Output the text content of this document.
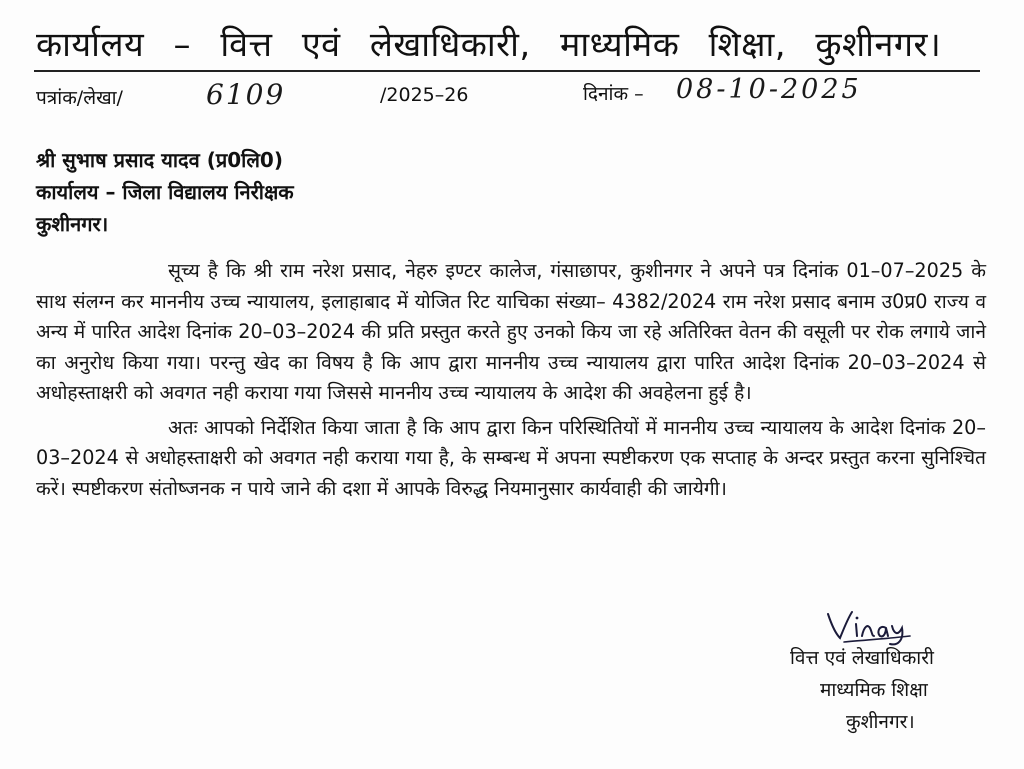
कार्यालय – वित्त एवं लेखाधिकारी, माध्यमिक शिक्षा, कुशीनगर।
पत्रांक/लेखा/	6109	/2025–26	दिनांक – 08-10-2025
श्री सुभाष प्रसाद यादव (प्र0लि0)
कार्यालय – जिला विद्यालय निरीक्षक
कुशीनगर।

सूच्य है कि श्री राम नरेश प्रसाद, नेहरु इण्टर कालेज, गंसाछापर, कुशीनगर ने अपने पत्र दिनांक 01–07–2025 के साथ संलग्न कर माननीय उच्च न्यायालय, इलाहाबाद में योजित रिट याचिका संख्या– 4382/2024 राम नरेश प्रसाद बनाम उ0प्र0 राज्य व अन्य में पारित आदेश दिनांक 20–03–2024 की प्रति प्रस्तुत करते हुए उनको किय जा रहे अतिरिक्त वेतन की वसूली पर रोक लगाये जाने का अनुरोध किया गया। परन्तु खेद का विषय है कि आप द्वारा माननीय उच्च न्यायालय द्वारा पारित आदेश दिनांक 20–03–2024 से अधोहस्ताक्षरी को अवगत नही कराया गया जिससे माननीय उच्च न्यायालय के आदेश की अवहेलना हुई है।

अतः आपको निर्देशित किया जाता है कि आप द्वारा किन परिस्थितियों में माननीय उच्च न्यायालय के आदेश दिनांक 20–03–2024 से अधोहस्ताक्षरी को अवगत नही कराया गया है, के सम्बन्ध में अपना स्पष्टीकरण एक सप्ताह के अन्दर प्रस्तुत करना सुनिश्चित करें। स्पष्टीकरण संतोष्जनक न पाये जाने की दशा में आपके विरुद्ध नियमानुसार कार्यवाही की जायेगी।

वित्त एवं लेखाधिकारी
माध्यमिक शिक्षा
कुशीनगर।
